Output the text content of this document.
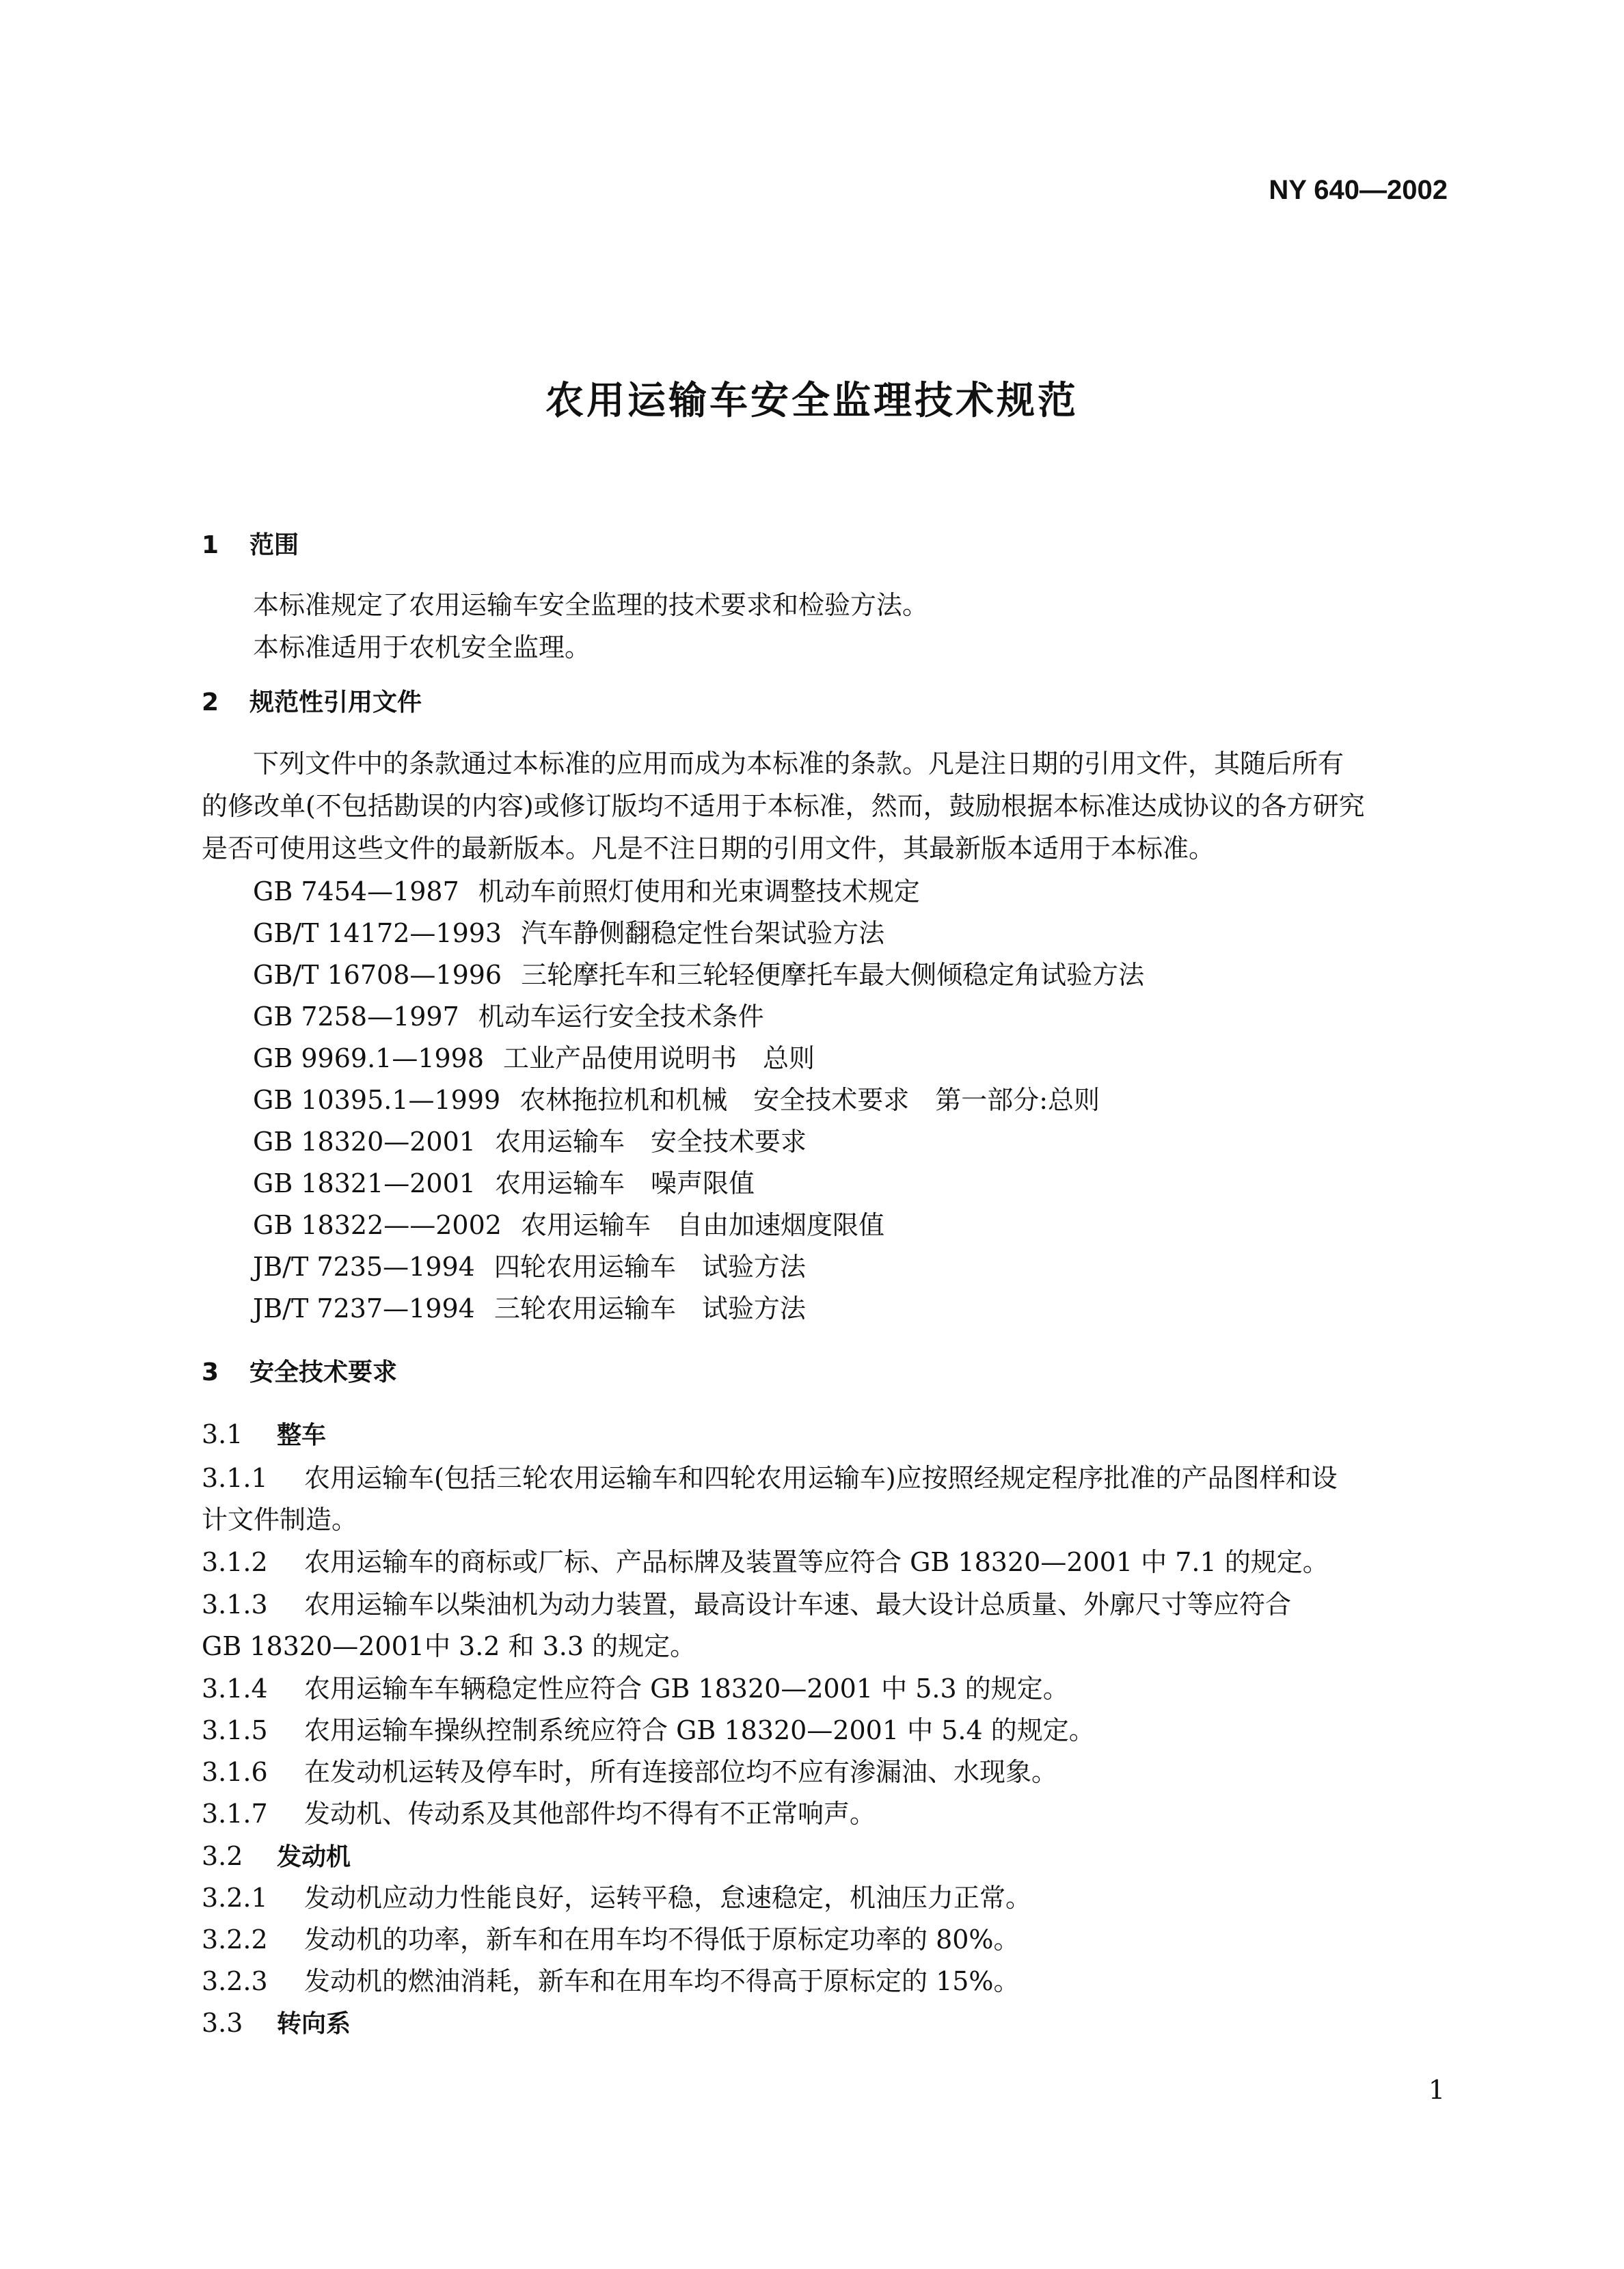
NY 640—2002
农用运输车安全监理技术规范
1 范围
本标准规定了农用运输车安全监理的技术要求和检验方法。
本标准适用于农机安全监理。
2 规范性引用文件
下列文件中的条款通过本标准的应用而成为本标准的条款。凡是注日期的引用文件，其随后所有
的修改单(不包括勘误的内容)或修订版均不适用于本标准，然而，鼓励根据本标准达成协议的各方研究
是否可使用这些文件的最新版本。凡是不注日期的引用文件，其最新版本适用于本标准。
GB 7454—1987 机动车前照灯使用和光束调整技术规定
GB/T 14172—1993 汽车静侧翻稳定性台架试验方法
GB/T 16708—1996 三轮摩托车和三轮轻便摩托车最大侧倾稳定角试验方法
GB 7258—1997 机动车运行安全技术条件
GB 9969.1—1998 工业产品使用说明书　总则
GB 10395.1—1999 农林拖拉机和机械　安全技术要求　第一部分:总则
GB 18320—2001 农用运输车　安全技术要求
GB 18321—2001 农用运输车　噪声限值
GB 18322——2002 农用运输车　自由加速烟度限值
JB/T 7235—1994 四轮农用运输车　试验方法
JB/T 7237—1994 三轮农用运输车　试验方法
3 安全技术要求
3.1 整车
3.1.1 农用运输车(包括三轮农用运输车和四轮农用运输车)应按照经规定程序批准的产品图样和设
计文件制造。
3.1.2 农用运输车的商标或厂标、产品标牌及装置等应符合 GB 18320—2001 中 7.1 的规定。
3.1.3 农用运输车以柴油机为动力装置，最高设计车速、最大设计总质量、外廓尺寸等应符合
GB 18320—2001中 3.2 和 3.3 的规定。
3.1.4 农用运输车车辆稳定性应符合 GB 18320—2001 中 5.3 的规定。
3.1.5 农用运输车操纵控制系统应符合 GB 18320—2001 中 5.4 的规定。
3.1.6 在发动机运转及停车时，所有连接部位均不应有渗漏油、水现象。
3.1.7 发动机、传动系及其他部件均不得有不正常响声。
3.2 发动机
3.2.1 发动机应动力性能良好，运转平稳，怠速稳定，机油压力正常。
3.2.2 发动机的功率，新车和在用车均不得低于原标定功率的 80%。
3.2.3 发动机的燃油消耗，新车和在用车均不得高于原标定的 15%。
3.3 转向系
1
